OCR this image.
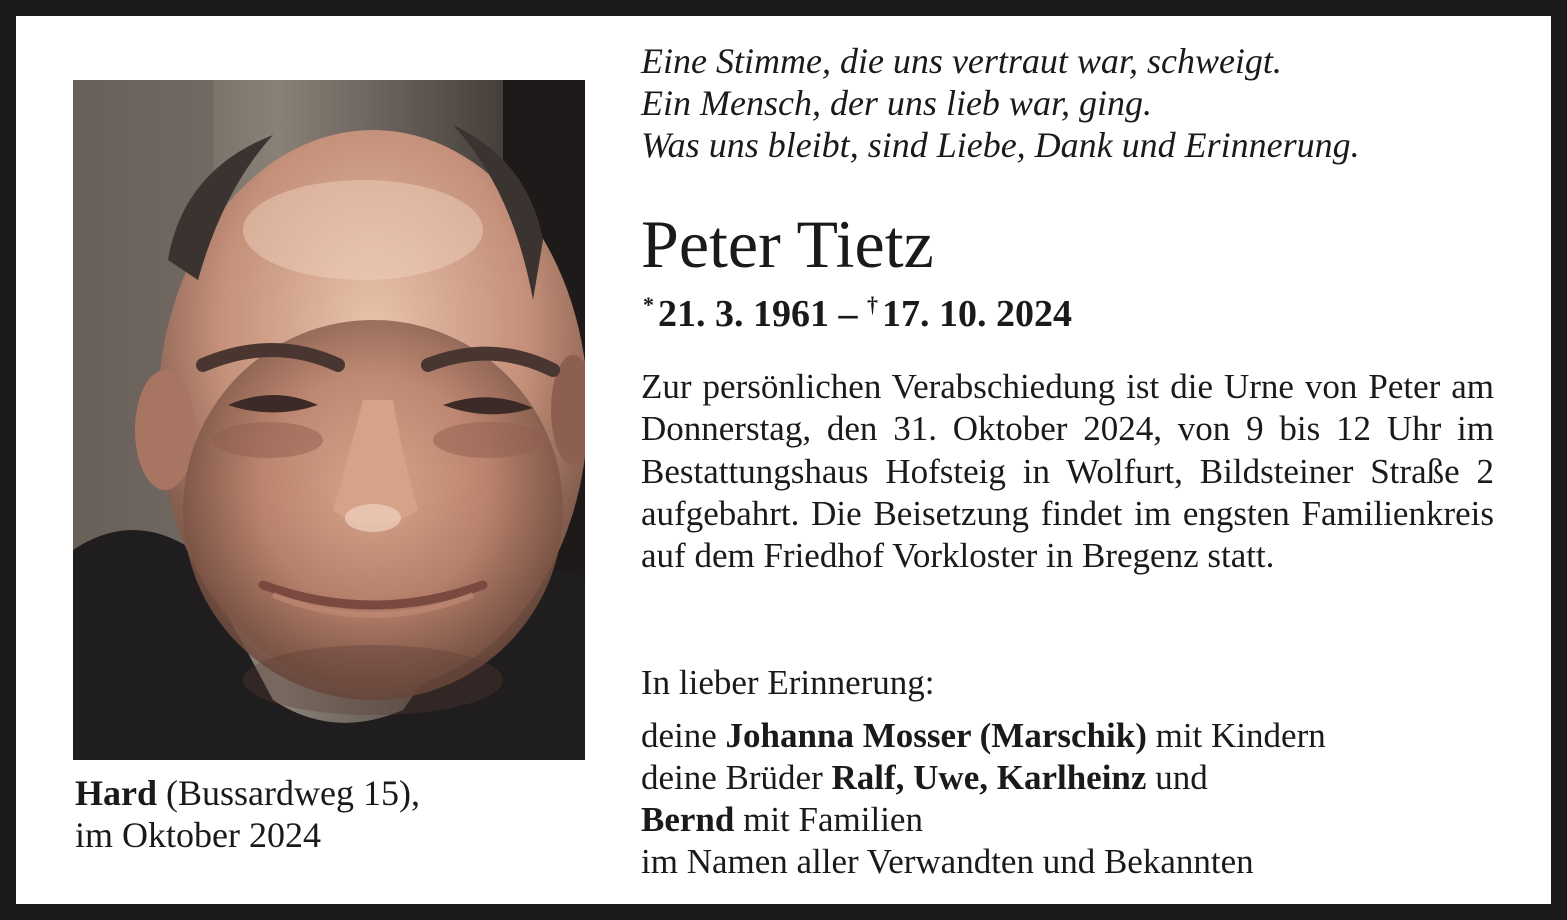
Hard (Bussardweg 15),
im Oktober 2024
Eine Stimme, die uns vertraut war, schweigt.
Ein Mensch, der uns lieb war, ging.
Was uns bleibt, sind Liebe, Dank und Erinnerung.
Peter Tietz
* 21. 3. 1961 – † 17. 10. 2024
Zur persönlichen Verabschiedung ist die Urne von Peter am Donnerstag, den 31. Oktober 2024, von 9 bis 12 Uhr im Bestattungshaus Hofsteig in Wolfurt, Bildsteiner Straße 2 aufgebahrt. Die Beisetzung findet im engsten Familienkreis auf dem Friedhof Vorkloster in Bregenz statt.
In lieber Erinnerung:
deine Johanna Mosser (Marschik) mit Kindern
deine Brüder Ralf, Uwe, Karlheinz und
Bernd mit Familien
im Namen aller Verwandten und Bekannten
